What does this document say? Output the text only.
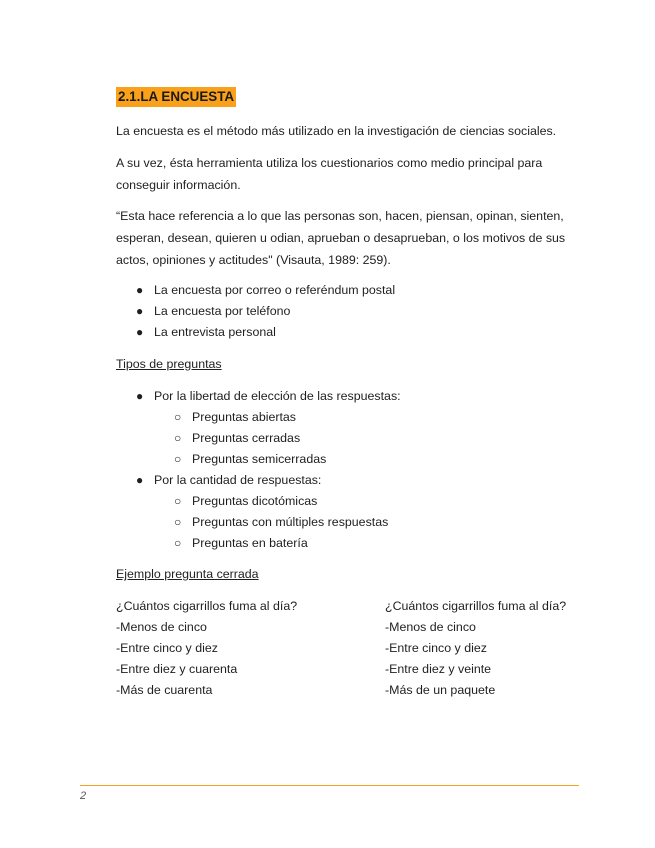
2.1.LA ENCUESTA

La encuesta es el método más utilizado en la investigación de ciencias sociales.

A su vez, ésta herramienta utiliza los cuestionarios como medio principal para conseguir información.

“Esta hace referencia a lo que las personas son, hacen, piensan, opinan, sienten, esperan, desean, quieren u odian, aprueban o desaprueban, o los motivos de sus actos, opiniones y actitudes" (Visauta, 1989: 259).

● La encuesta por correo o referéndum postal
● La encuesta por teléfono
● La entrevista personal
Tipos de preguntas
● Por la libertad de elección de las respuestas:
○ Preguntas abiertas
○ Preguntas cerradas
○ Preguntas semicerradas
● Por la cantidad de respuestas:
○ Preguntas dicotómicas
○ Preguntas con múltiples respuestas
○ Preguntas en batería
Ejemplo pregunta cerrada
¿Cuántos cigarrillos fuma al día?
-Menos de cinco
-Entre cinco y diez
-Entre diez y cuarenta
-Más de cuarenta
¿Cuántos cigarrillos fuma al día?
-Menos de cinco
-Entre cinco y diez
-Entre diez y veinte
-Más de un paquete
2
